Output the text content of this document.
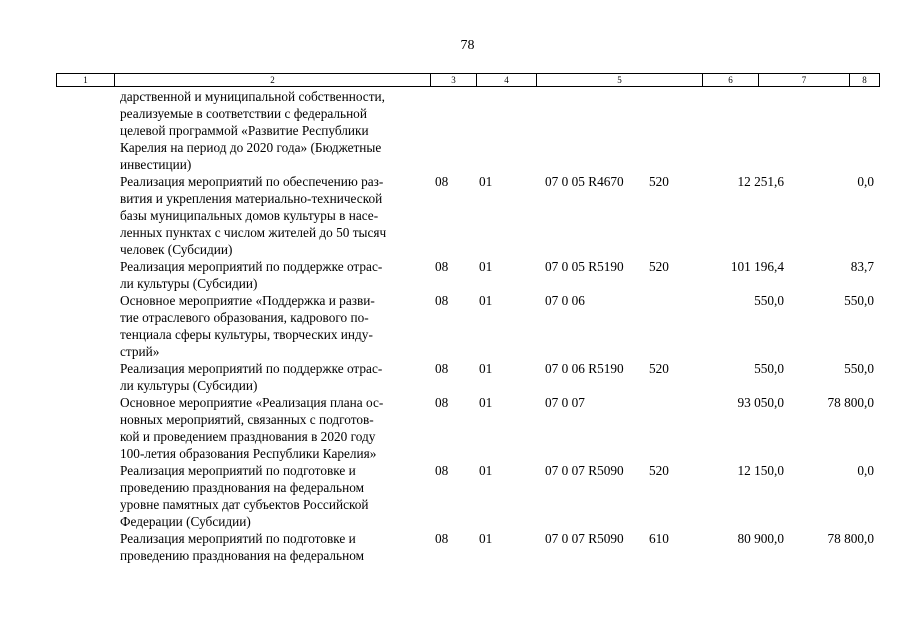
78
1	2	3	4	5	6	7	8
дарственной и муниципальной собственности,
реализуемые в соответствии с федеральной
целевой программой «Развитие Республики
Карелия на период до 2020 года» (Бюджетные
инвестиции)
Реализация мероприятий по обеспечению раз-
вития и укрепления материально-технической
базы муниципальных домов культуры в насе-
ленных пунктах с числом жителей до 50 тысяч
человек (Субсидии)
08 01	07 0 05 R4670 520	12 251,6	0,0
Реализация мероприятий по поддержке отрас-
ли культуры (Субсидии)
08 01	07 0 05 R5190 520	101 196,4	83,7
Основное мероприятие «Поддержка и разви-
тие отраслевого образования, кадрового по-
тенциала сферы культуры, творческих инду-
стрий»
08 01	07 0 06	550,0	550,0
Реализация мероприятий по поддержке отрас-
ли культуры (Субсидии)
08 01	07 0 06 R5190 520	550,0	550,0
Основное мероприятие «Реализация плана ос-
новных мероприятий, связанных с подготов-
кой и проведением празднования в 2020 году
100-летия образования Республики Карелия»
08 01	07 0 07	93 050,0	78 800,0
Реализация мероприятий по подготовке и
проведению празднования на федеральном
уровне памятных дат субъектов Российской
Федерации (Субсидии)
08 01	07 0 07 R5090 520	12 150,0	0,0
Реализация мероприятий по подготовке и
проведению празднования на федеральном
08 01	07 0 07 R5090 610	80 900,0	78 800,0
